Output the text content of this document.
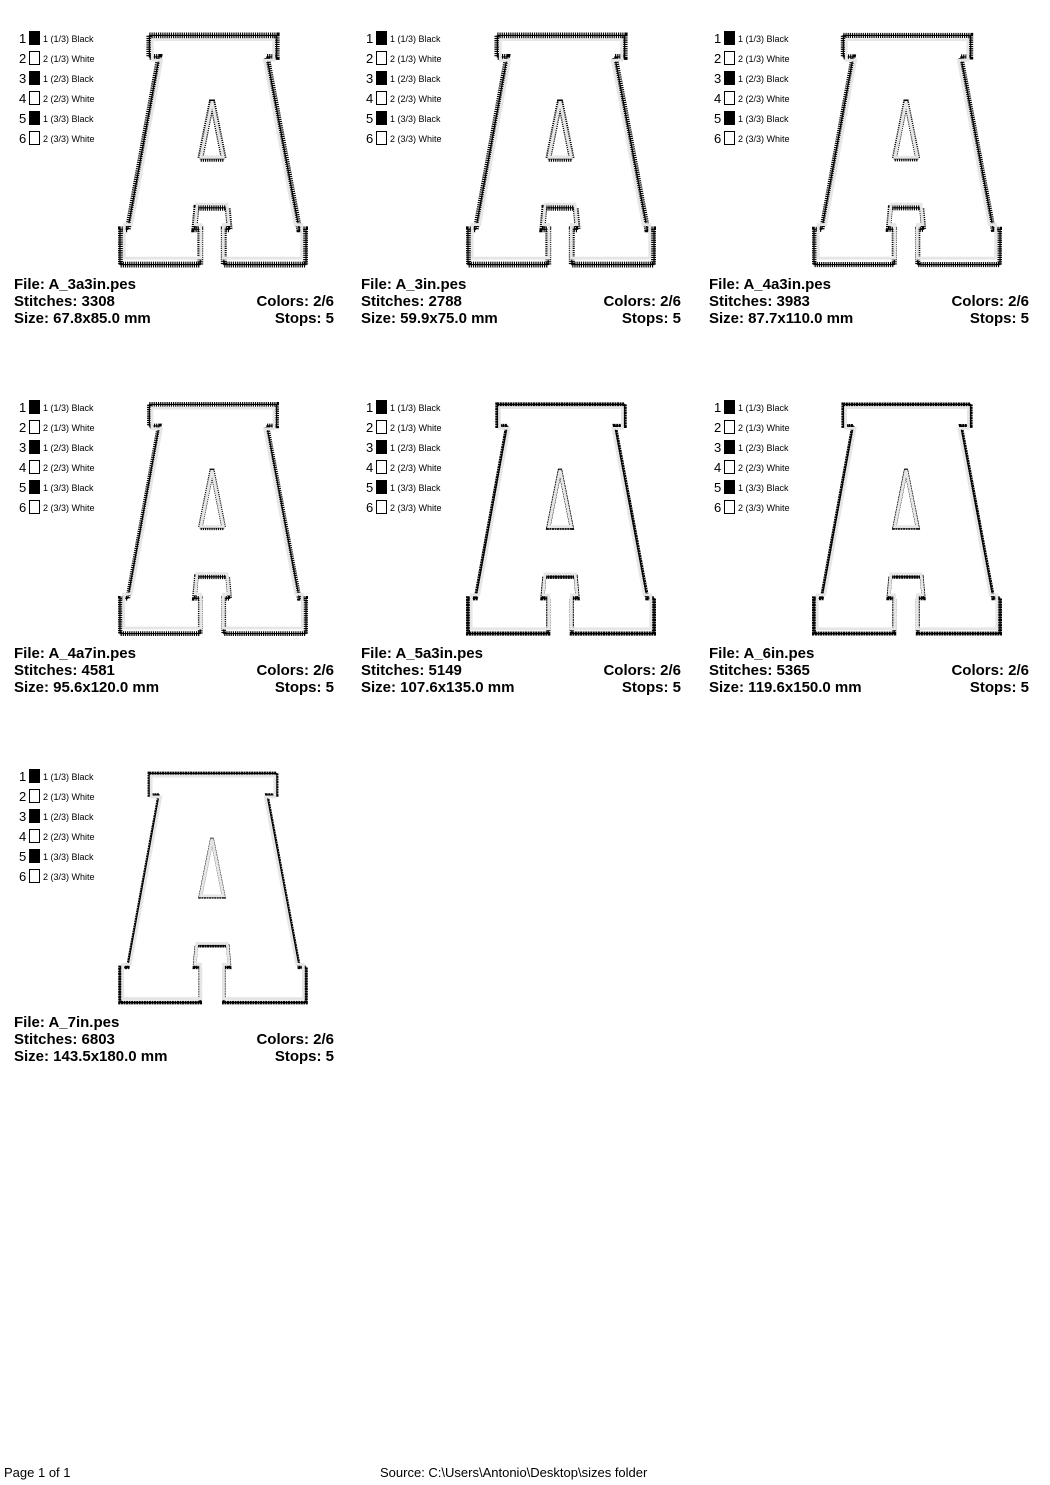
1	1 (1/3) Black
2	2 (1/3) White
3	1 (2/3) Black
4	2 (2/3) White
5	1 (3/3) Black
6	2 (3/3) White
File: A_3a3in.pes
Stitches: 3308	Colors: 2/6
Size: 67.8x85.0 mm	Stops: 5
1	1 (1/3) Black
2	2 (1/3) White
3	1 (2/3) Black
4	2 (2/3) White
5	1 (3/3) Black
6	2 (3/3) White
File: A_3in.pes
Stitches: 2788	Colors: 2/6
Size: 59.9x75.0 mm	Stops: 5
1	1 (1/3) Black
2	2 (1/3) White
3	1 (2/3) Black
4	2 (2/3) White
5	1 (3/3) Black
6	2 (3/3) White
File: A_4a3in.pes
Stitches: 3983	Colors: 2/6
Size: 87.7x110.0 mm	Stops: 5
1	1 (1/3) Black
2	2 (1/3) White
3	1 (2/3) Black
4	2 (2/3) White
5	1 (3/3) Black
6	2 (3/3) White
File: A_4a7in.pes
Stitches: 4581	Colors: 2/6
Size: 95.6x120.0 mm	Stops: 5
1	1 (1/3) Black
2	2 (1/3) White
3	1 (2/3) Black
4	2 (2/3) White
5	1 (3/3) Black
6	2 (3/3) White
File: A_5a3in.pes
Stitches: 5149	Colors: 2/6
Size: 107.6x135.0 mm	Stops: 5
1	1 (1/3) Black
2	2 (1/3) White
3	1 (2/3) Black
4	2 (2/3) White
5	1 (3/3) Black
6	2 (3/3) White
File: A_6in.pes
Stitches: 5365	Colors: 2/6
Size: 119.6x150.0 mm	Stops: 5
1	1 (1/3) Black
2	2 (1/3) White
3	1 (2/3) Black
4	2 (2/3) White
5	1 (3/3) Black
6	2 (3/3) White
File: A_7in.pes
Stitches: 6803	Colors: 2/6
Size: 143.5x180.0 mm	Stops: 5
Page 1 of 1	Source: C:\Users\Antonio\Desktop\sizes folder
